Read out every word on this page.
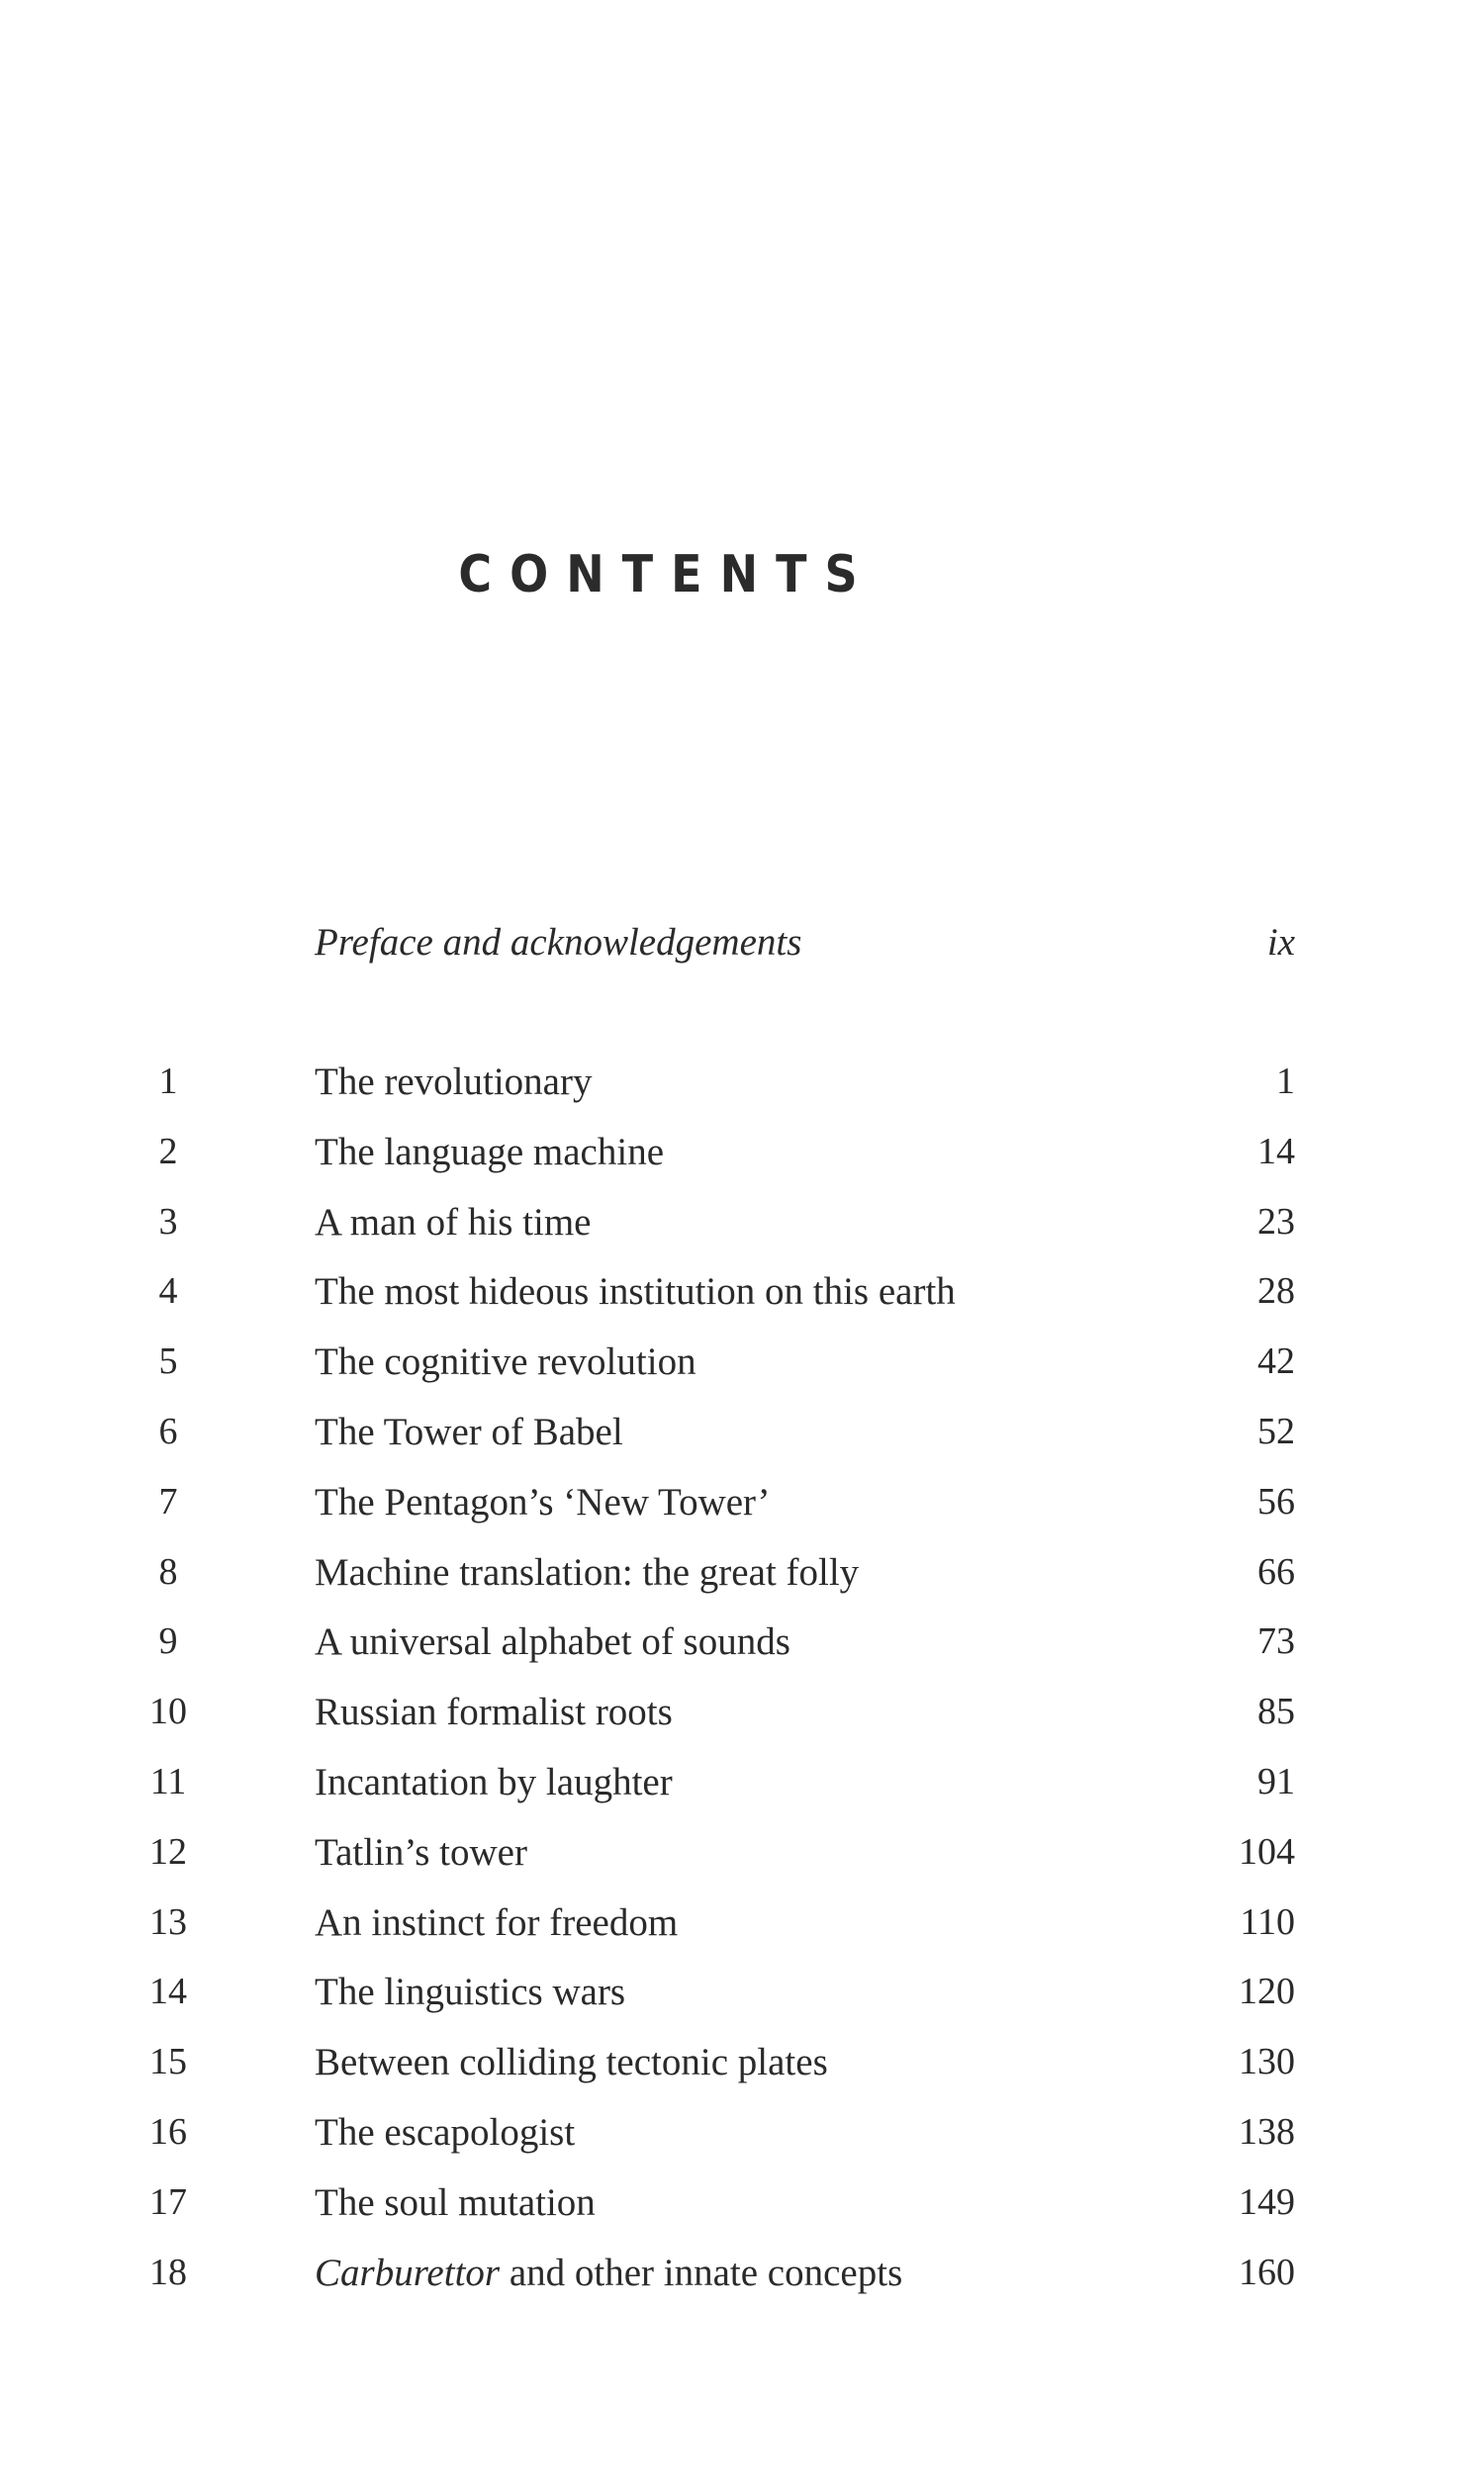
CONTENTS
Preface and acknowledgements	ix
1	The revolutionary	1
2	The language machine	14
3	A man of his time	23
4	The most hideous institution on this earth	28
5	The cognitive revolution	42
6	The Tower of Babel	52
7	The Pentagon’s ‘New Tower’	56
8	Machine translation: the great folly	66
9	A universal alphabet of sounds	73
10	Russian formalist roots	85
11	Incantation by laughter	91
12	Tatlin’s tower	104
13	An instinct for freedom	110
14	The linguistics wars	120
15	Between colliding tectonic plates	130
16	The escapologist	138
17	The soul mutation	149
18	Carburettor and other innate concepts	160
